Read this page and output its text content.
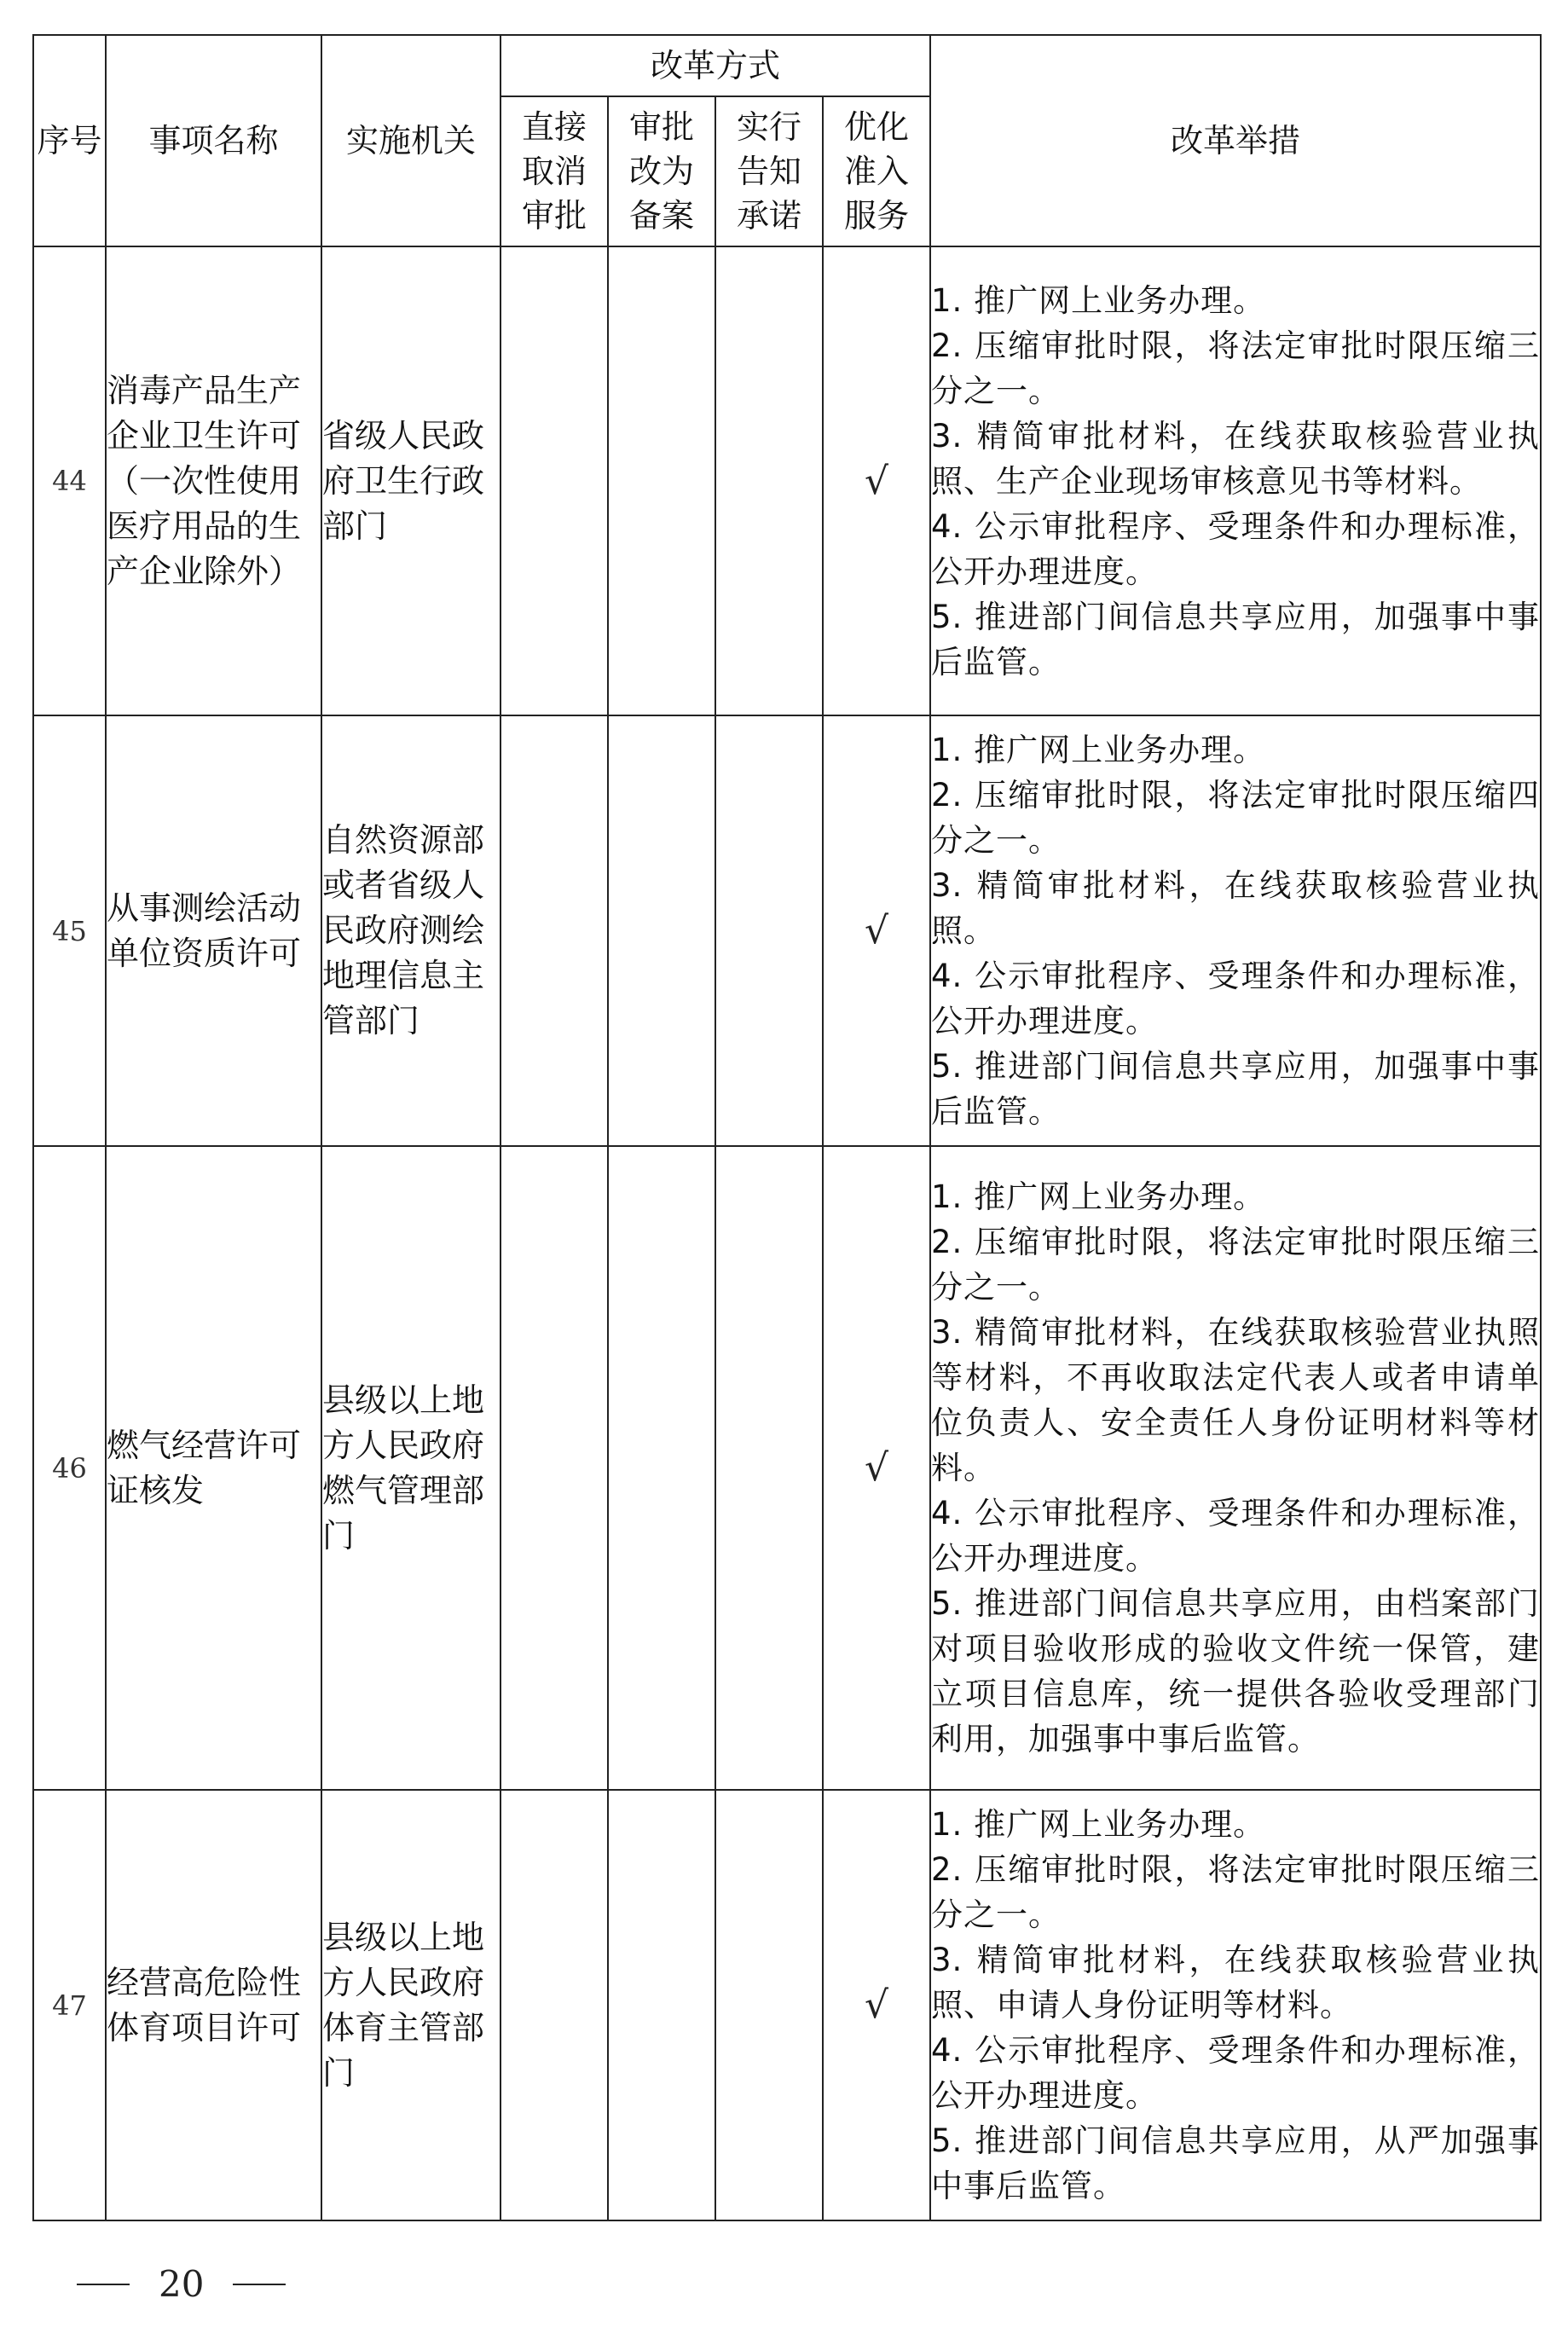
序号	事项名称	实施机关	改革方式				改革举措
			直接取消审批	审批改为备案	实行告知承诺	优化准入服务	
44	消毒产品生产企业卫生许可（一次性使用医疗用品的生产企业除外）	省级人民政府卫生行政部门				√	1. 推广网上业务办理。
2. 压缩审批时限，将法定审批时限压缩三分之一。
3. 精简审批材料，在线获取核验营业执照、生产企业现场审核意见书等材料。
4. 公示审批程序、受理条件和办理标准，公开办理进度。
5. 推进部门间信息共享应用，加强事中事后监管。

45	从事测绘活动单位资质许可	自然资源部或者省级人民政府测绘地理信息主管部门				√	1. 推广网上业务办理。
2. 压缩审批时限，将法定审批时限压缩四分之一。
3. 精简审批材料，在线获取核验营业执照。
4. 公示审批程序、受理条件和办理标准，公开办理进度。
5. 推进部门间信息共享应用，加强事中事后监管。

46	燃气经营许可证核发	县级以上地方人民政府燃气管理部门				√	1. 推广网上业务办理。
2. 压缩审批时限，将法定审批时限压缩三分之一。
3. 精简审批材料，在线获取核验营业执照等材料，不再收取法定代表人或者申请单位负责人、安全责任人身份证明材料等材料。
4. 公示审批程序、受理条件和办理标准，公开办理进度。
5. 推进部门间信息共享应用，由档案部门对项目验收形成的验收文件统一保管，建立项目信息库，统一提供各验收受理部门利用，加强事中事后监管。

47	经营高危险性体育项目许可	县级以上地方人民政府体育主管部门				√	1. 推广网上业务办理。
2. 压缩审批时限，将法定审批时限压缩三分之一。
3. 精简审批材料，在线获取核验营业执照、申请人身份证明等材料。
4. 公示审批程序、受理条件和办理标准，公开办理进度。
5. 推进部门间信息共享应用，从严加强事中事后监管。
20
